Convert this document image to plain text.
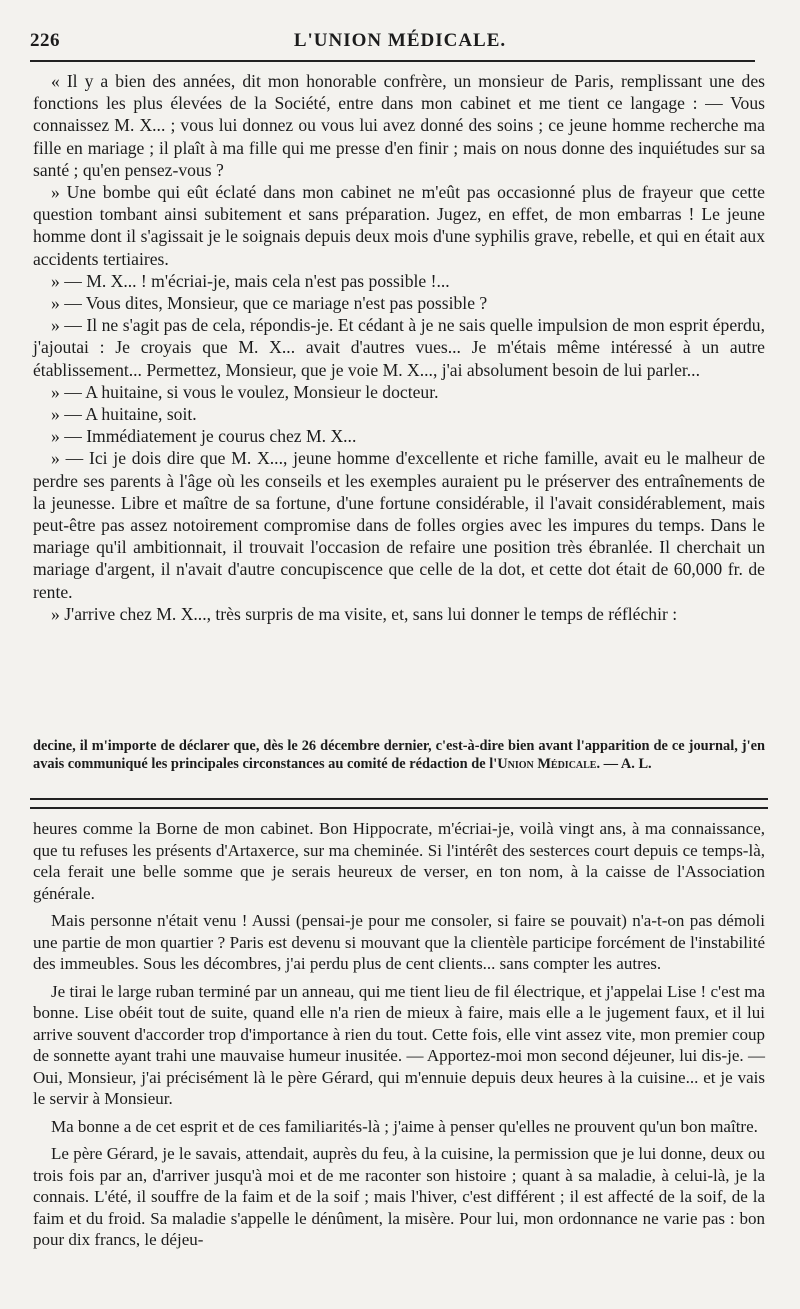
226	L'UNION MÉDICALE.

« Il y a bien des années, dit mon honorable confrère, un monsieur de Paris, remplissant une des fonctions les plus élevées de la Société, entre dans mon cabinet et me tient ce langage : — Vous connaissez M. X... ; vous lui donnez ou vous lui avez donné des soins ; ce jeune homme recherche ma fille en mariage ; il plaît à ma fille qui me presse d'en finir ; mais on nous donne des inquiétudes sur sa santé ; qu'en pensez-vous ?

» Une bombe qui eût éclaté dans mon cabinet ne m'eût pas occasionné plus de frayeur que cette question tombant ainsi subitement et sans préparation. Jugez, en effet, de mon embarras ! Le jeune homme dont il s'agissait je le soignais depuis deux mois d'une syphilis grave, rebelle, et qui en était aux accidents tertiaires.

» — M. X... ! m'écriai-je, mais cela n'est pas possible !...

» — Vous dites, Monsieur, que ce mariage n'est pas possible ?

» — Il ne s'agit pas de cela, répondis-je. Et cédant à je ne sais quelle impulsion de mon esprit éperdu, j'ajoutai : Je croyais que M. X... avait d'autres vues... Je m'étais même intéressé à un autre établissement... Permettez, Monsieur, que je voie M. X..., j'ai absolument besoin de lui parler...

» — A huitaine, si vous le voulez, Monsieur le docteur.

» — A huitaine, soit.

» — Immédiatement je courus chez M. X...

» — Ici je dois dire que M. X..., jeune homme d'excellente et riche famille, avait eu le malheur de perdre ses parents à l'âge où les conseils et les exemples auraient pu le préserver des entraînements de la jeunesse. Libre et maître de sa fortune, d'une fortune considérable, il l'avait considérablement, mais peut-être pas assez notoirement compromise dans de folles orgies avec les impures du temps. Dans le mariage qu'il ambitionnait, il trouvait l'occasion de refaire une position très ébranlée. Il cherchait un mariage d'argent, il n'avait d'autre concupiscence que celle de la dot, et cette dot était de 60,000 fr. de rente.

» J'arrive chez M. X..., très surpris de ma visite, et, sans lui donner le temps de réfléchir :

decine, il m'importe de déclarer que, dès le 26 décembre dernier, c'est-à-dire bien avant l'apparition de ce journal, j'en avais communiqué les principales circonstances au comité de rédaction de l'Union Médicale. — A. L.

heures comme la Borne de mon cabinet. Bon Hippocrate, m'écriai-je, voilà vingt ans, à ma connaissance, que tu refuses les présents d'Artaxerce, sur ma cheminée. Si l'intérêt des sesterces court depuis ce temps-là, cela ferait une belle somme que je serais heureux de verser, en ton nom, à la caisse de l'Association générale.

Mais personne n'était venu ! Aussi (pensai-je pour me consoler, si faire se pouvait) n'a-t-on pas démoli une partie de mon quartier ? Paris est devenu si mouvant que la clientèle participe forcément de l'instabilité des immeubles. Sous les décombres, j'ai perdu plus de cent clients... sans compter les autres.

Je tirai le large ruban terminé par un anneau, qui me tient lieu de fil électrique, et j'appelai Lise ! c'est ma bonne. Lise obéit tout de suite, quand elle n'a rien de mieux à faire, mais elle a le jugement faux, et il lui arrive souvent d'accorder trop d'importance à rien du tout. Cette fois, elle vint assez vite, mon premier coup de sonnette ayant trahi une mauvaise humeur inusitée. — Apportez-moi mon second déjeuner, lui dis-je. — Oui, Monsieur, j'ai précisément là le père Gérard, qui m'ennuie depuis deux heures à la cuisine... et je vais le servir à Monsieur.

Ma bonne a de cet esprit et de ces familiarités-là ; j'aime à penser qu'elles ne prouvent qu'un bon maître.

Le père Gérard, je le savais, attendait, auprès du feu, à la cuisine, la permission que je lui donne, deux ou trois fois par an, d'arriver jusqu'à moi et de me raconter son histoire ; quant à sa maladie, à celui-là, je la connais. L'été, il souffre de la faim et de la soif ; mais l'hiver, c'est différent ; il est affecté de la soif, de la faim et du froid. Sa maladie s'appelle le dénûment, la misère. Pour lui, mon ordonnance ne varie pas : bon pour dix francs, le déjeu-
